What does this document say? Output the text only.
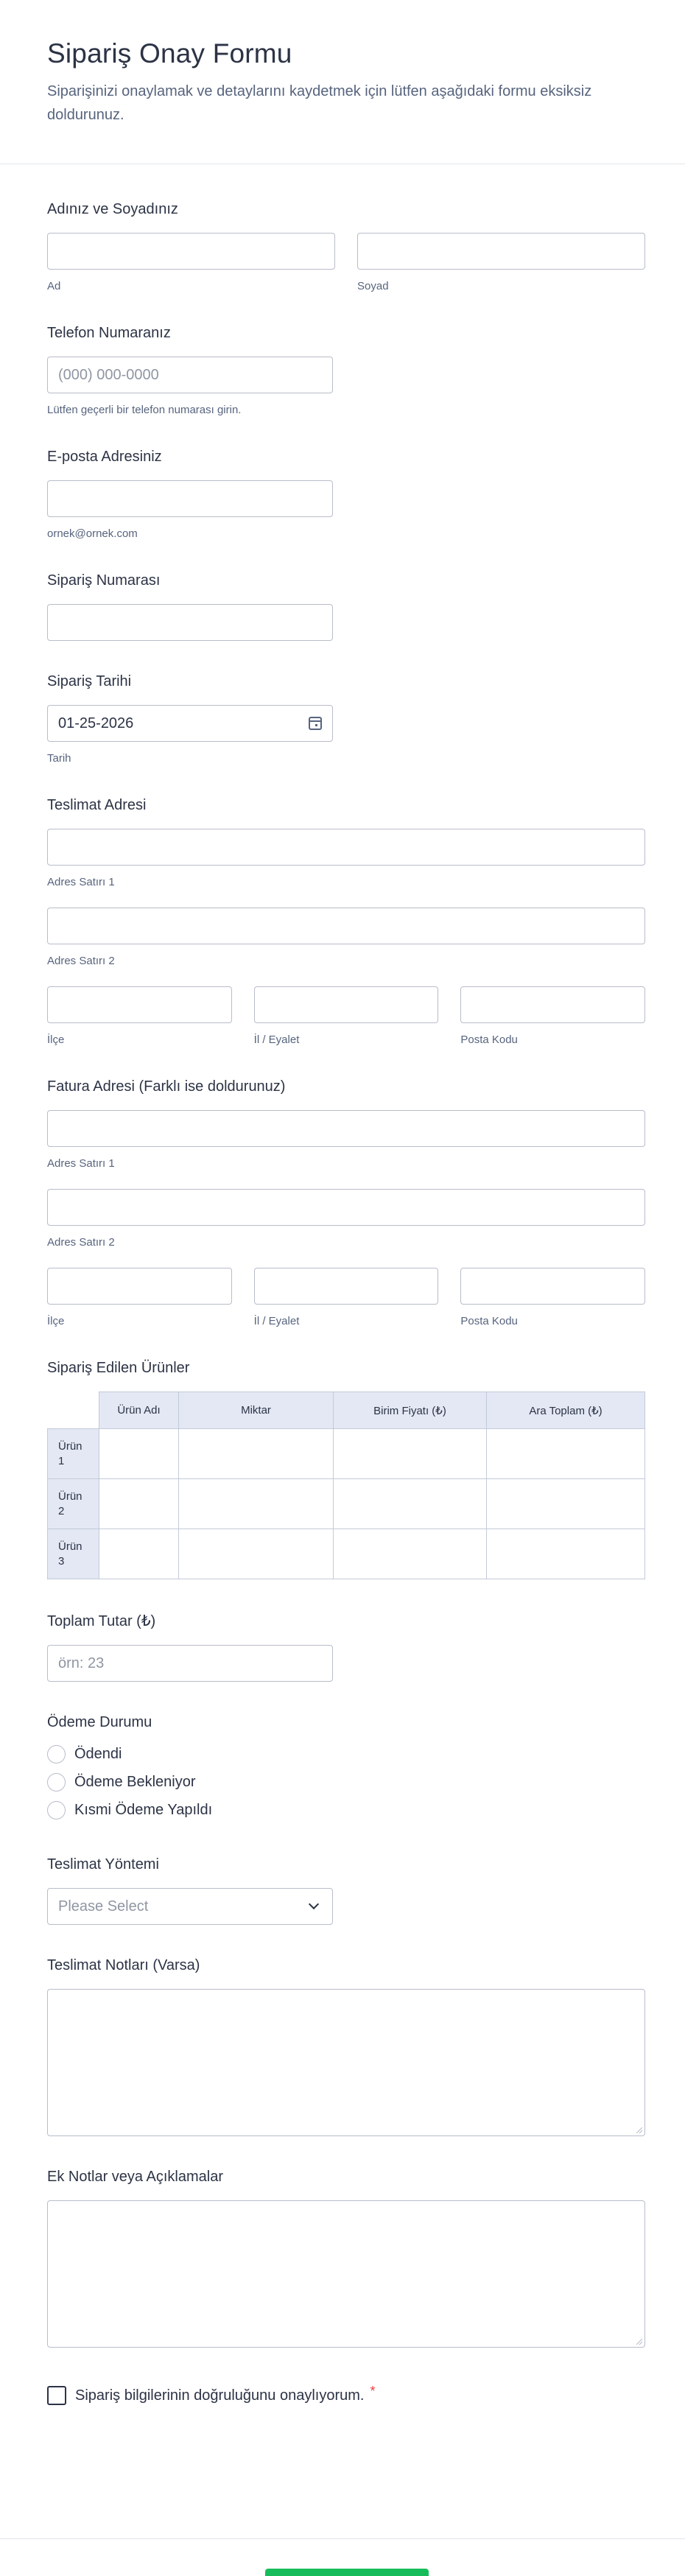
Sipariş Onay Formu

Siparişinizi onaylamak ve detaylarını kaydetmek için lütfen aşağıdaki formu eksiksiz doldurunuz.

Adınız ve Soyadınız
Ad	Soyad
Telefon Numaranız
(000) 000-0000
Lütfen geçerli bir telefon numarası girin.
E-posta Adresiniz
ornek@ornek.com
Sipariş Numarası
Sipariş Tarihi
01-25-2026
Tarih
Teslimat Adresi
Adres Satırı 1
Adres Satırı 2
İlçe	İl / Eyalet	Posta Kodu
Fatura Adresi (Farklı ise doldurunuz)
Adres Satırı 1
Adres Satırı 2
İlçe	İl / Eyalet	Posta Kodu
Sipariş Edilen Ürünler
	Ürün Adı	Miktar	Birim Fiyatı (₺)	Ara Toplam (₺)
Ürün 1				
Ürün 2				
Ürün 3				
Toplam Tutar (₺)
örn: 23
Ödeme Durumu
Ödendi
Ödeme Bekleniyor
Kısmi Ödeme Yapıldı
Teslimat Yöntemi
Please Select
Teslimat Notları (Varsa)
Ek Notlar veya Açıklamalar
Sipariş bilgilerinin doğruluğunu onaylıyorum. *
